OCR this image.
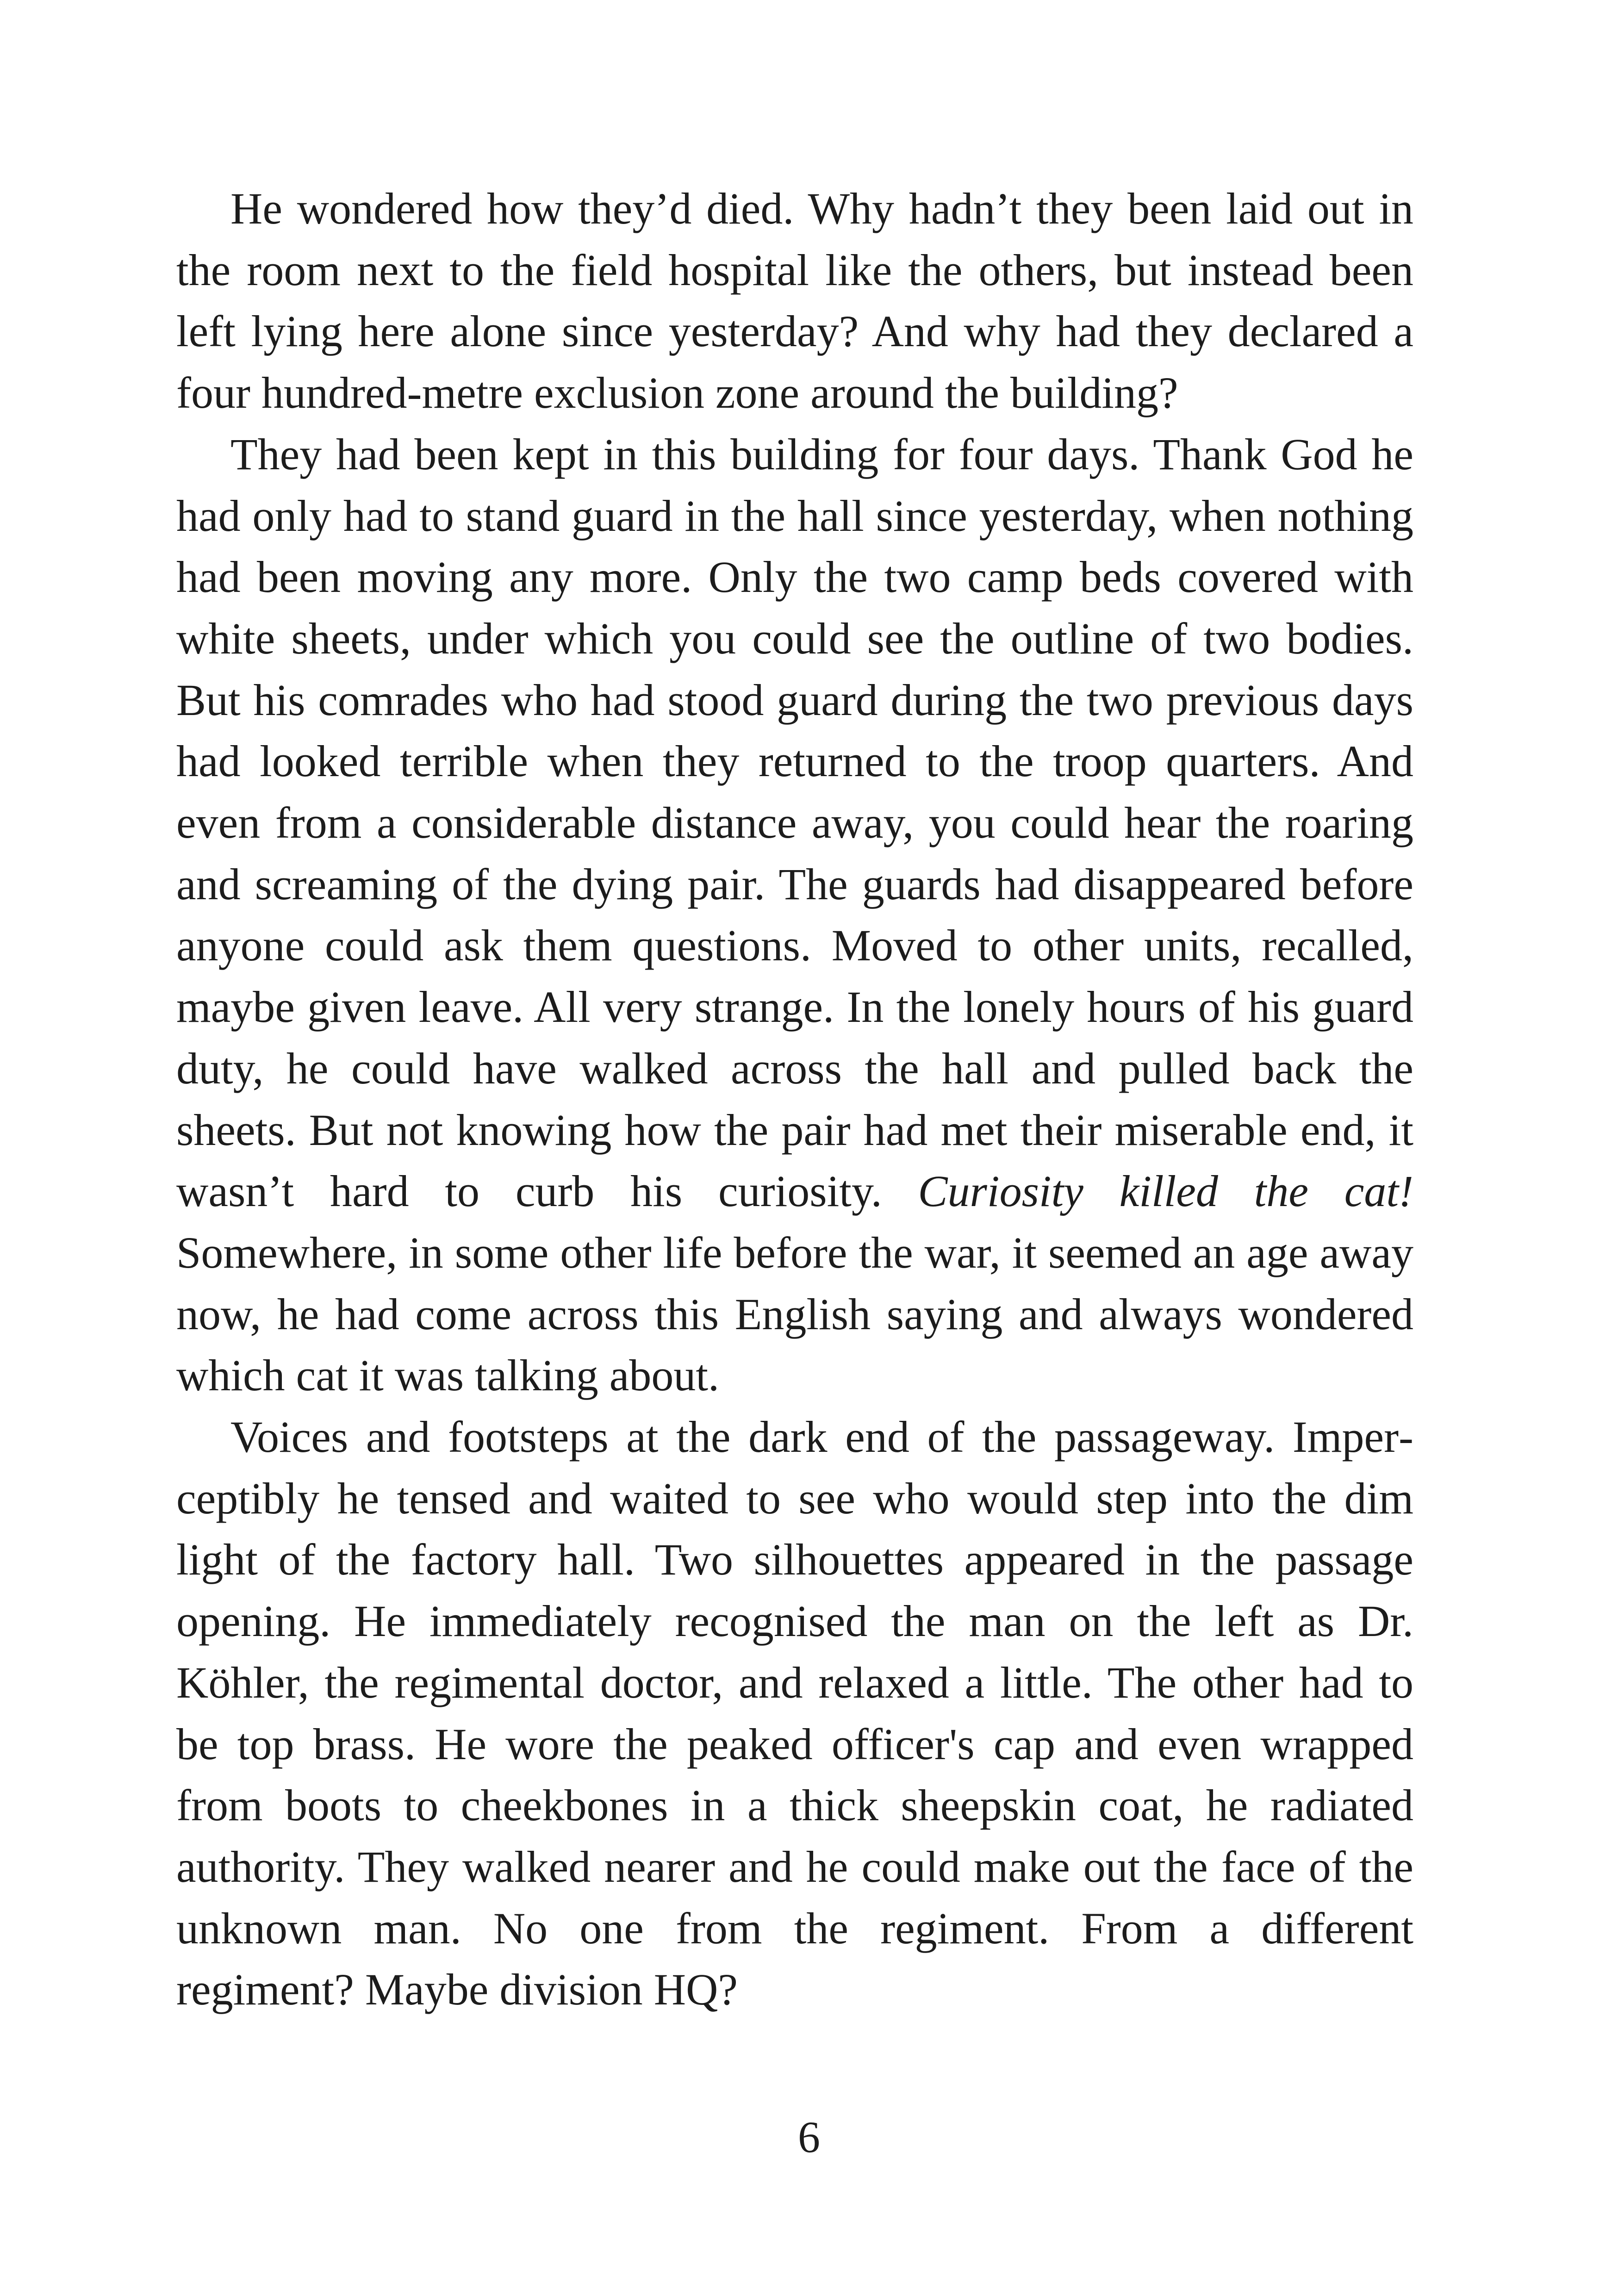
He wondered how they’d died. Why hadn’t they been laid out in the room next to the field hospital like the others, but instead been left lying here alone since yesterday? And why had they declared a four hundred-metre exclusion zone around the building?

They had been kept in this building for four days. Thank God he had only had to stand guard in the hall since yesterday, when nothing had been moving any more. Only the two camp beds covered with white sheets, under which you could see the outline of two bodies. But his comrades who had stood guard during the two previous days had looked terrible when they returned to the troop quarters. And even from a considerable distance away, you could hear the roaring and screaming of the dying pair. The guards had disappeared before anyone could ask them questions. Moved to other units, recalled, maybe given leave. All very strange. In the lonely hours of his guard duty, he could have walked across the hall and pulled back the sheets. But not knowing how the pair had met their miserable end, it wasn’t hard to curb his curiosity. Curiosity killed the cat! Somewhere, in some other life before the war, it seemed an age away now, he had come across this English saying and always wondered which cat it was talking about.

Voices and footsteps at the dark end of the passageway. Imperceptibly he tensed and waited to see who would step into the dim light of the factory hall. Two silhouettes appeared in the passage opening. He immediately recognised the man on the left as Dr. Köhler, the regimental doctor, and relaxed a little. The other had to be top brass. He wore the peaked officer's cap and even wrapped from boots to cheekbones in a thick sheepskin coat, he radiated authority. They walked nearer and he could make out the face of the unknown man. No one from the regiment. From a different regiment? Maybe division HQ?

6
